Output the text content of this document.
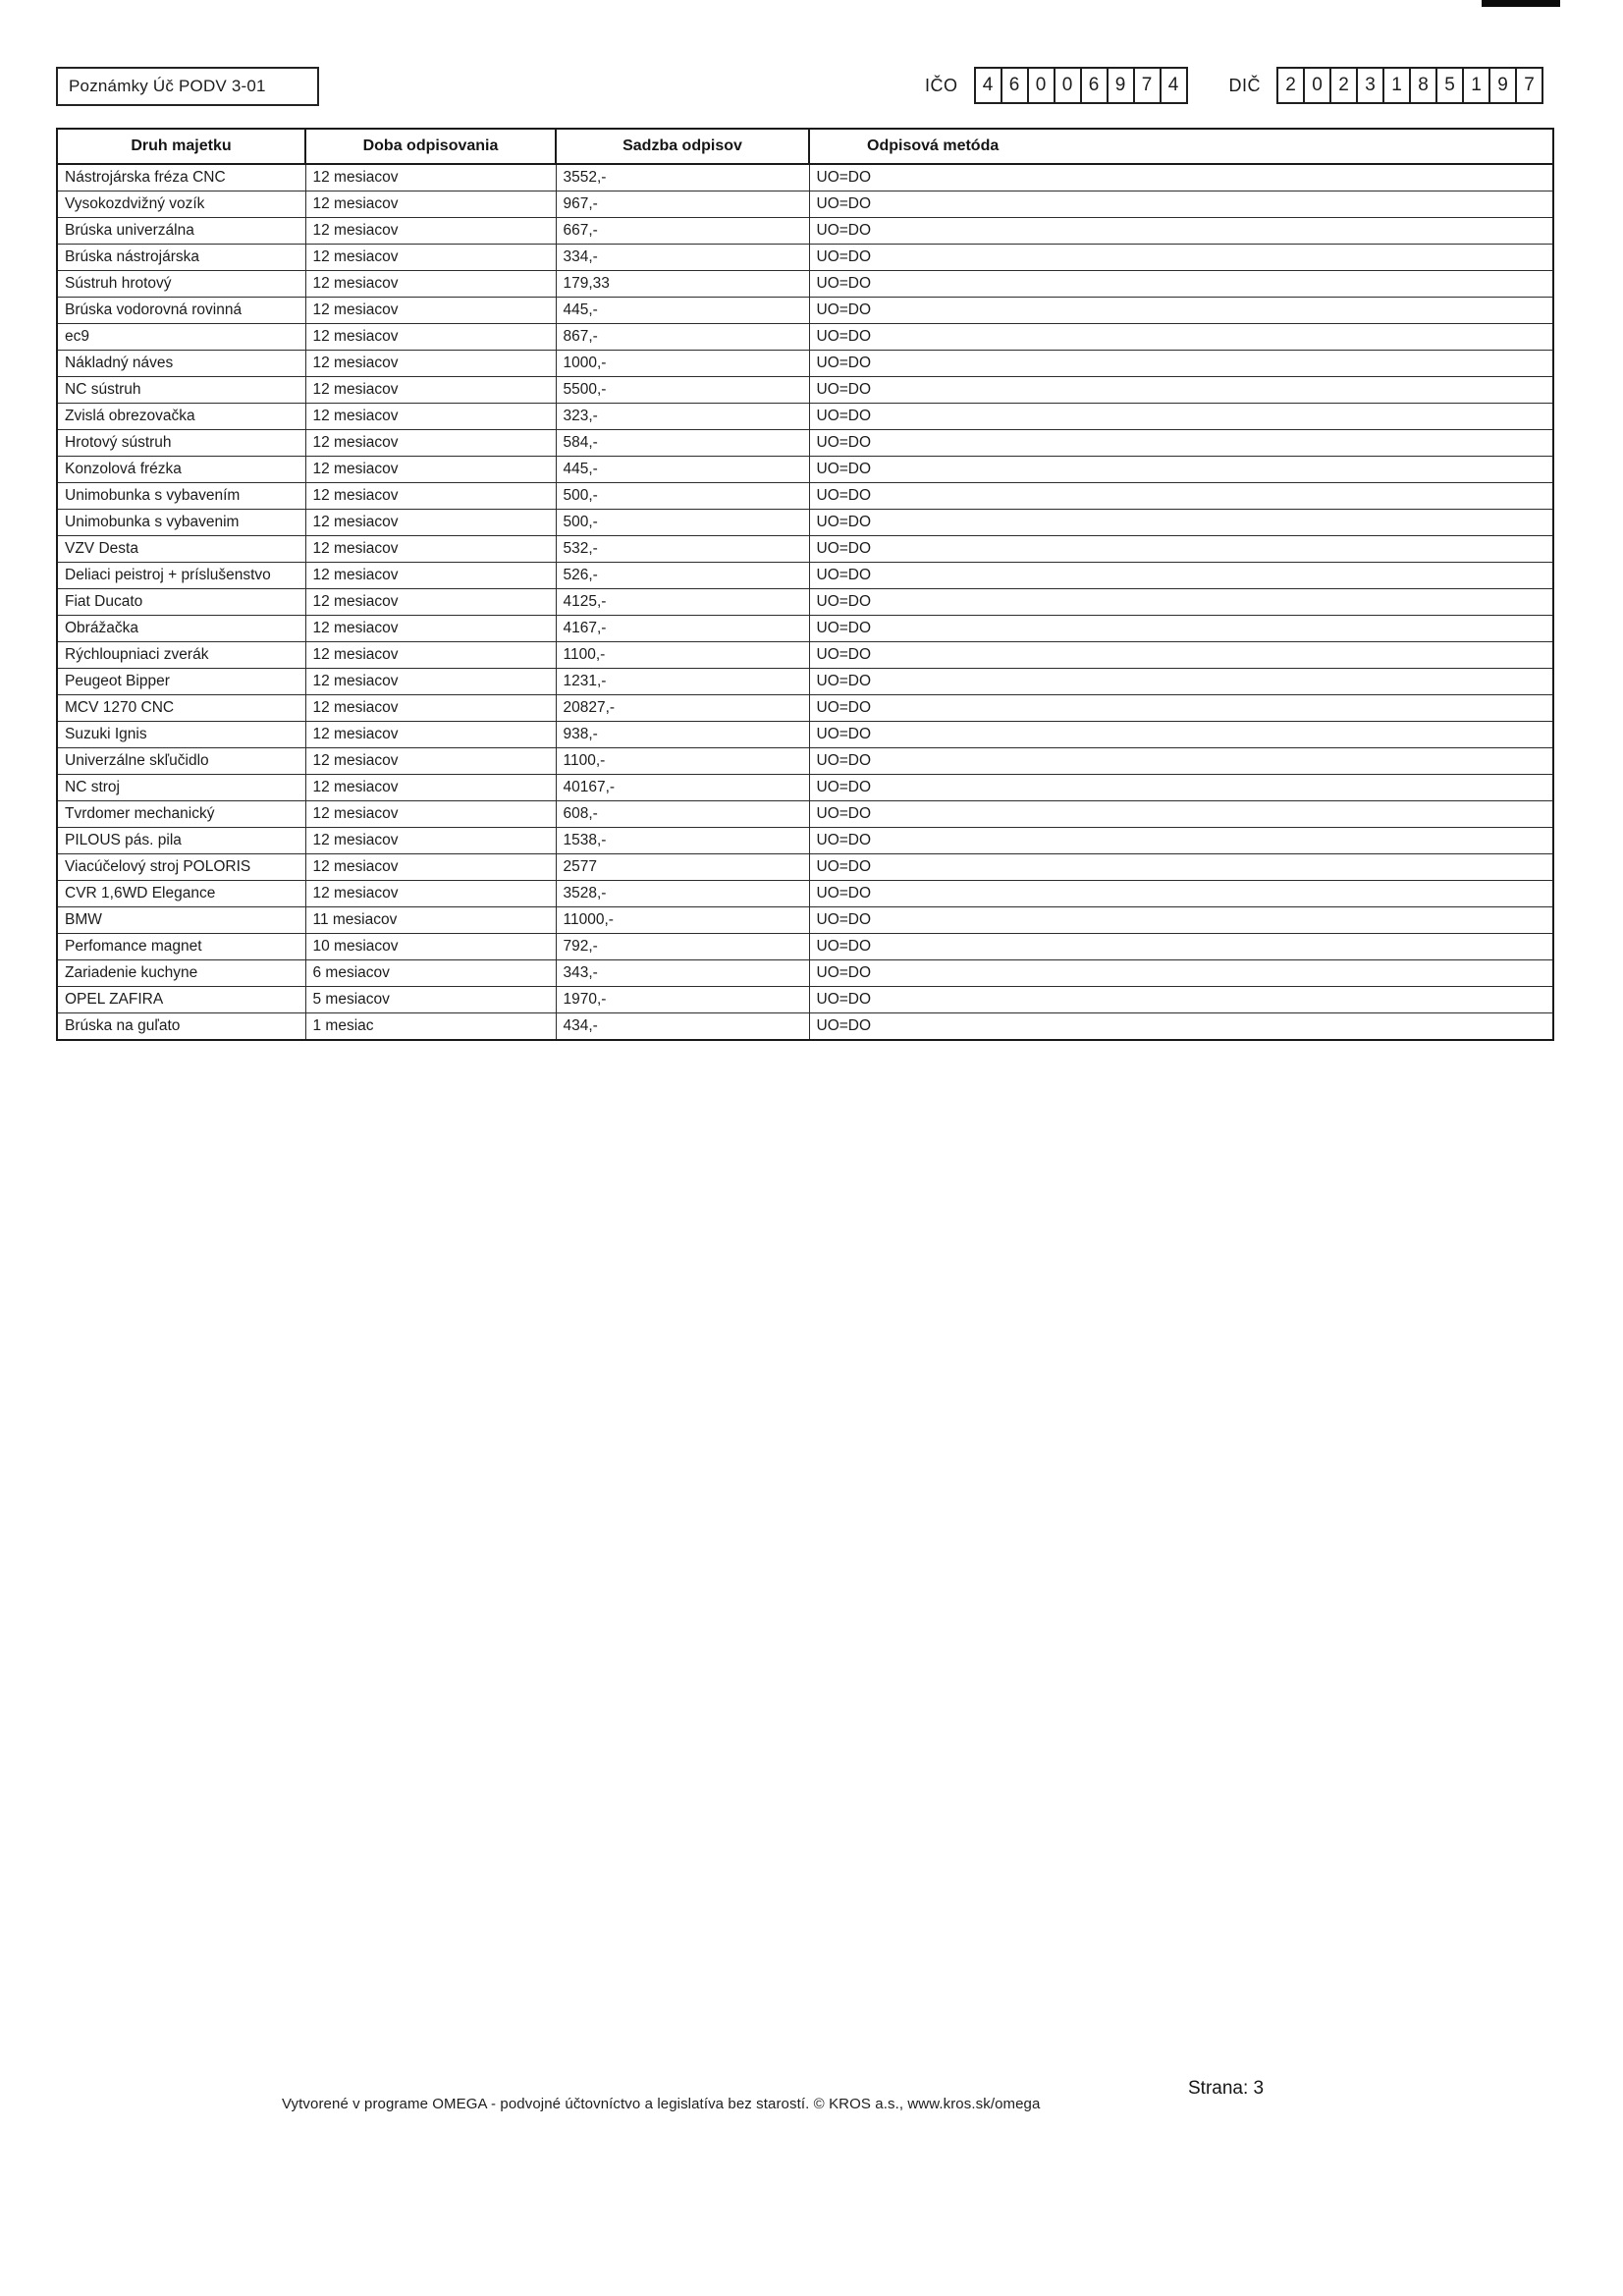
Poznámky Úč PODV 3-01	IČO	4 6 0 0 6 9 7 4	DIČ	2 0 2 3 1 8 5 1 9 7
Druh majetku	Doba odpisovania	Sadzba odpisov	Odpisová metóda
Nástrojárska fréza CNC	12 mesiacov	3552,-	UO=DO
Vysokozdvižný vozík	12 mesiacov	967,-	UO=DO
Brúska univerzálna	12 mesiacov	667,-	UO=DO
Brúska nástrojárska	12 mesiacov	334,-	UO=DO
Sústruh hrotový	12 mesiacov	179,33	UO=DO
Brúska vodorovná rovinná	12 mesiacov	445,-	UO=DO
ec9	12 mesiacov	867,-	UO=DO
Nákladný náves	12 mesiacov	1000,-	UO=DO
NC sústruh	12 mesiacov	5500,-	UO=DO
Zvislá obrezovačka	12 mesiacov	323,-	UO=DO
Hrotový sústruh	12 mesiacov	584,-	UO=DO
Konzolová frézka	12 mesiacov	445,-	UO=DO
Unimobunka s vybavením	12 mesiacov	500,-	UO=DO
Unimobunka s vybavenim	12 mesiacov	500,-	UO=DO
VZV Desta	12 mesiacov	532,-	UO=DO
Deliaci peistroj + príslušenstvo	12 mesiacov	526,-	UO=DO
Fiat Ducato	12 mesiacov	4125,-	UO=DO
Obrážačka	12 mesiacov	4167,-	UO=DO
Rýchloupniaci zverák	12 mesiacov	1100,-	UO=DO
Peugeot Bipper	12 mesiacov	1231,-	UO=DO
MCV 1270 CNC	12 mesiacov	20827,-	UO=DO
Suzuki Ignis	12 mesiacov	938,-	UO=DO
Univerzálne skľučidlo	12 mesiacov	1100,-	UO=DO
NC stroj	12 mesiacov	40167,-	UO=DO
Tvrdomer mechanický	12 mesiacov	608,-	UO=DO
PILOUS pás. pila	12 mesiacov	1538,-	UO=DO
Viacúčelový stroj POLORIS	12 mesiacov	2577	UO=DO
CVR 1,6WD Elegance	12 mesiacov	3528,-	UO=DO
BMW	11 mesiacov	11000,-	UO=DO
Perfomance magnet	10 mesiacov	792,-	UO=DO
Zariadenie kuchyne	6 mesiacov	343,-	UO=DO
OPEL ZAFIRA	5 mesiacov	1970,-	UO=DO
Brúska na guľato	1 mesiac	434,-	UO=DO
Vytvorené v programe OMEGA - podvojné účtovníctvo a legislatíva bez starostí. © KROS a.s., www.kros.sk/omega
Strana: 3
